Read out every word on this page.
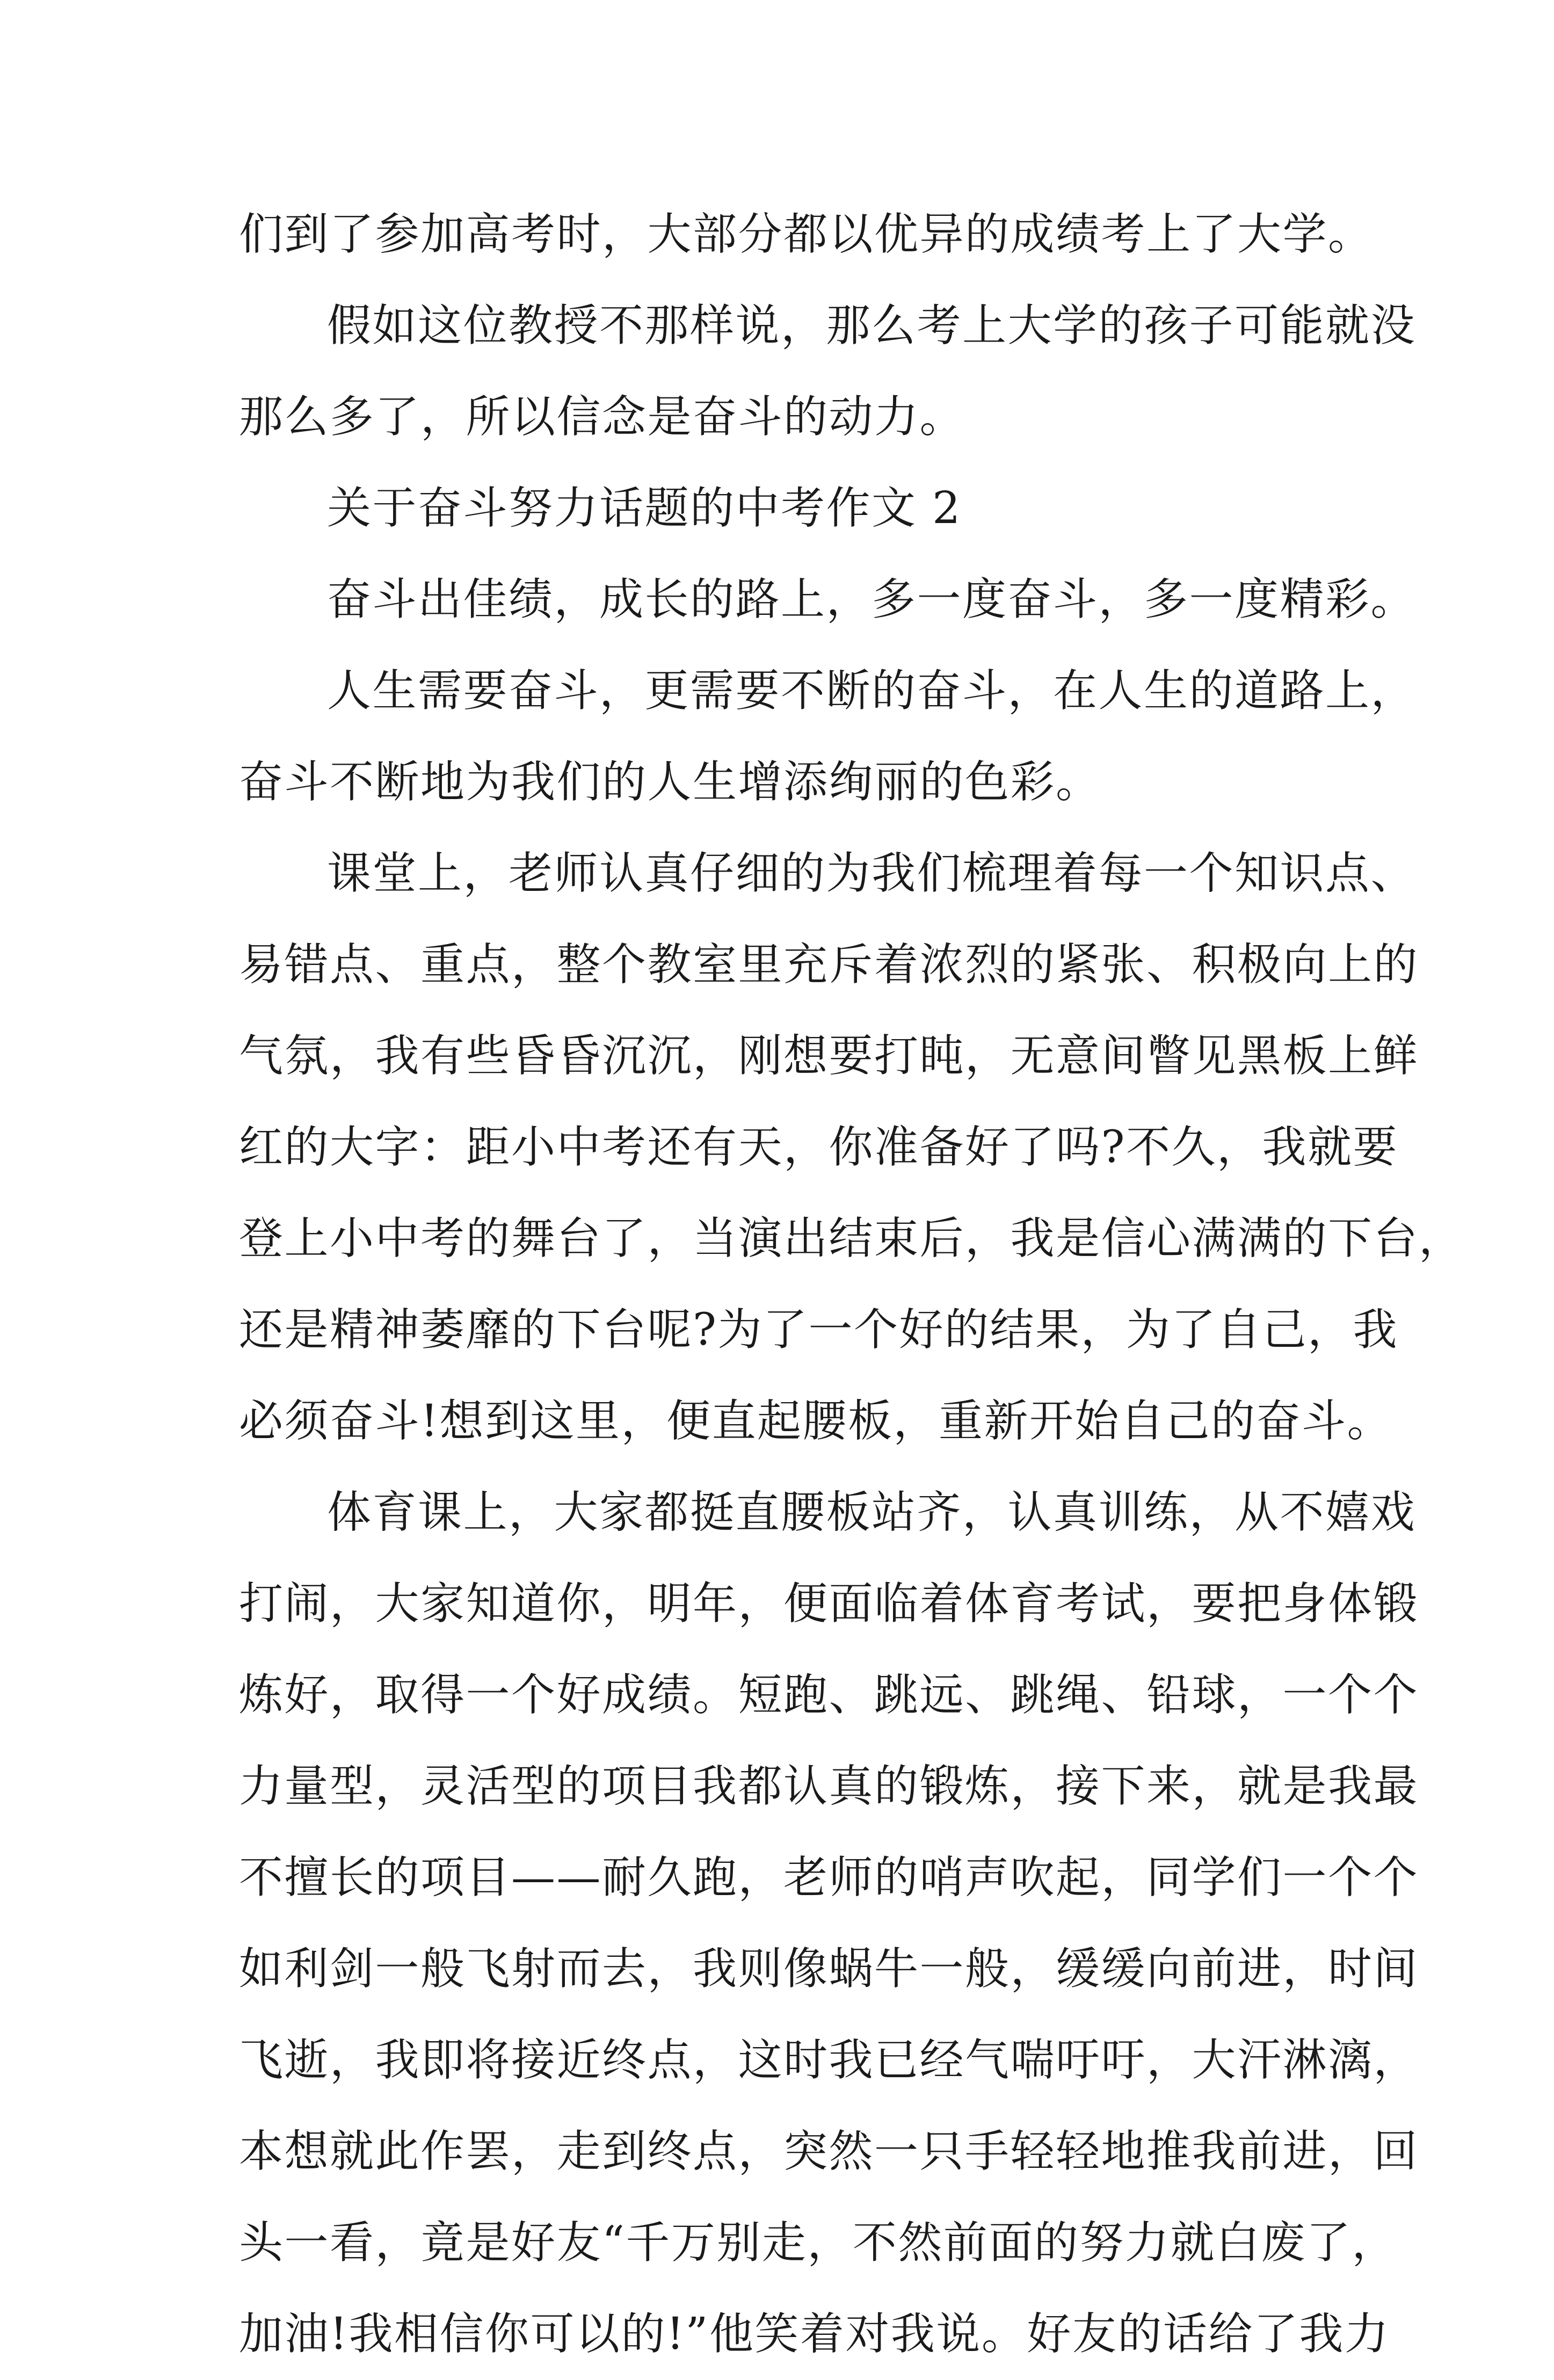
们到了参加高考时，大部分都以优异的成绩考上了大学。
假如这位教授不那样说，那么考上大学的孩子可能就没
那么多了，所以信念是奋斗的动力。
关于奋斗努力话题的中考作文 2
奋斗出佳绩，成长的路上，多一度奋斗，多一度精彩。
人生需要奋斗，更需要不断的奋斗，在人生的道路上，
奋斗不断地为我们的人生增添绚丽的色彩。
课堂上，老师认真仔细的为我们梳理着每一个知识点、
易错点、重点，整个教室里充斥着浓烈的紧张、积极向上的
气氛，我有些昏昏沉沉，刚想要打盹，无意间瞥见黑板上鲜
红的大字：距小中考还有天，你准备好了吗?不久，我就要
登上小中考的舞台了，当演出结束后，我是信心满满的下台，
还是精神萎靡的下台呢?为了一个好的结果，为了自己，我
必须奋斗!想到这里，便直起腰板，重新开始自己的奋斗。
体育课上，大家都挺直腰板站齐，认真训练，从不嬉戏
打闹，大家知道你，明年，便面临着体育考试，要把身体锻
炼好，取得一个好成绩。短跑、跳远、跳绳、铅球，一个个
力量型，灵活型的项目我都认真的锻炼，接下来，就是我最
不擅长的项目——耐久跑，老师的哨声吹起，同学们一个个
如利剑一般飞射而去，我则像蜗牛一般，缓缓向前进，时间
飞逝，我即将接近终点，这时我已经气喘吁吁，大汗淋漓，
本想就此作罢，走到终点，突然一只手轻轻地推我前进，回
头一看，竟是好友“千万别走，不然前面的努力就白废了，
加油!我相信你可以的!”他笑着对我说。好友的话给了我力
